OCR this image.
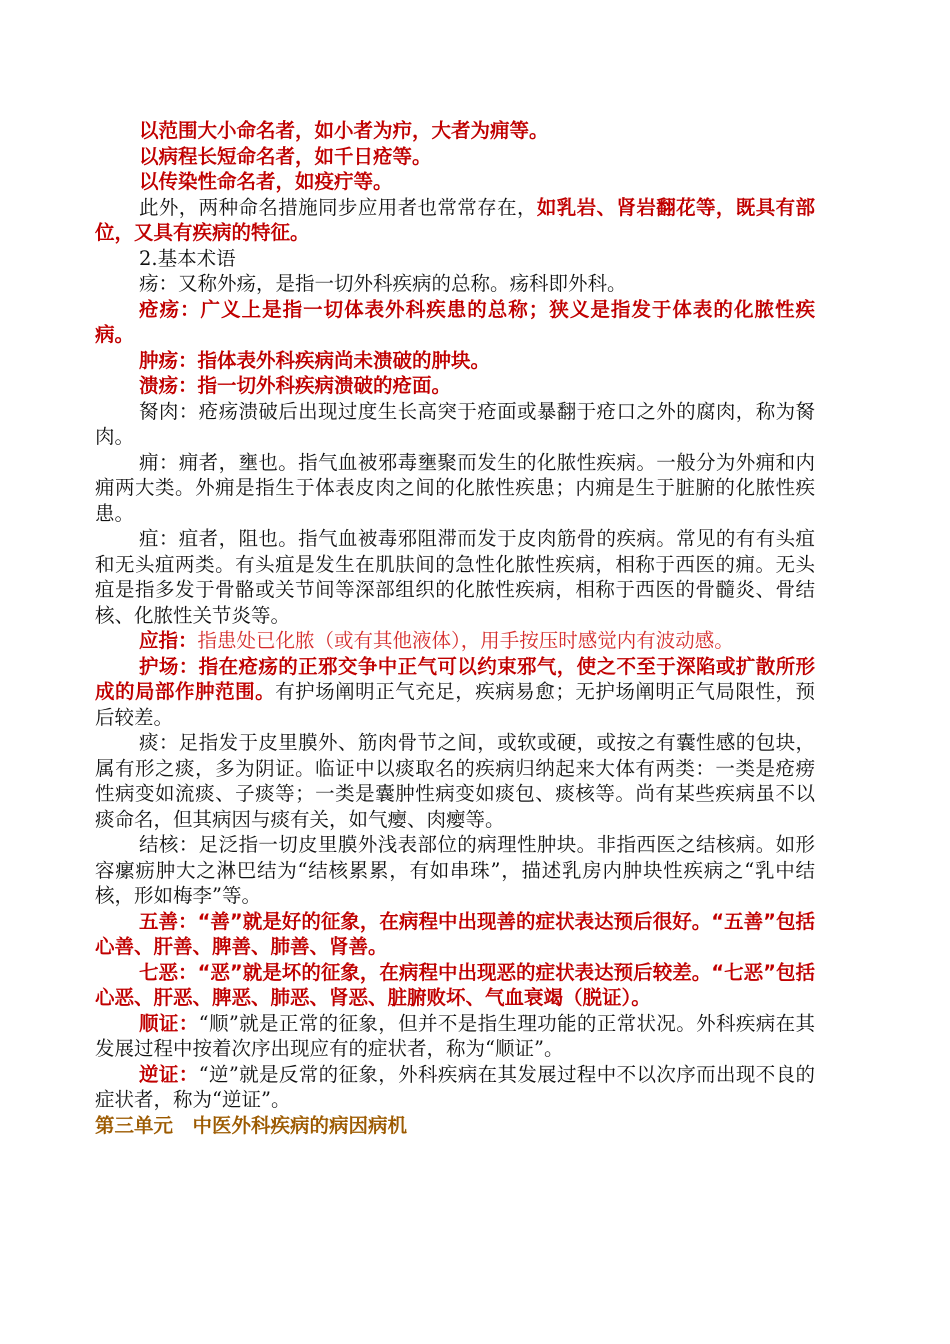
以范围大小命名者，如小者为疖，大者为痈等。

以病程长短命名者，如千日疮等。

以传染性命名者，如疫疔等。

此外，两种命名措施同步应用者也常常存在，如乳岩、肾岩翻花等，既具有部位，又具有疾病的特征。

2.基本术语

疡：又称外疡，是指一切外科疾病的总称。疡科即外科。

疮疡：广义上是指一切体表外科疾患的总称；狭义是指发于体表的化脓性疾病。

肿疡：指体表外科疾病尚未溃破的肿块。

溃疡：指一切外科疾病溃破的疮面。

胬肉：疮疡溃破后出现过度生长高突于疮面或暴翻于疮口之外的腐肉，称为胬肉。

痈：痈者，壅也。指气血被邪毒壅聚而发生的化脓性疾病。一般分为外痈和内痈两大类。外痈是指生于体表皮肉之间的化脓性疾患；内痈是生于脏腑的化脓性疾患。

疽：疽者，阻也。指气血被毒邪阻滞而发于皮肉筋骨的疾病。常见的有有头疽和无头疽两类。有头疽是发生在肌肤间的急性化脓性疾病，相称于西医的痈。无头疽是指多发于骨骼或关节间等深部组织的化脓性疾病，相称于西医的骨髓炎、骨结核、化脓性关节炎等。

应指：指患处已化脓（或有其他液体），用手按压时感觉内有波动感。

护场：指在疮疡的正邪交争中正气可以约束邪气，使之不至于深陷或扩散所形成的局部作肿范围。有护场阐明正气充足，疾病易愈；无护场阐明正气局限性，预后较差。

痰：足指发于皮里膜外、筋肉骨节之间，或软或硬，或按之有囊性感的包块，属有形之痰，多为阴证。临证中以痰取名的疾病归纳起来大体有两类：一类是疮痨性病变如流痰、子痰等；一类是囊肿性病变如痰包、痰核等。尚有某些疾病虽不以痰命名，但其病因与痰有关，如气瘿、肉瘿等。

结核：足泛指一切皮里膜外浅表部位的病理性肿块。非指西医之结核病。如形容瘰疬肿大之淋巴结为“结核累累，有如串珠”，描述乳房内肿块性疾病之“乳中结核，形如梅李”等。

五善：“善”就是好的征象，在病程中出现善的症状表达预后很好。“五善”包括心善、肝善、脾善、肺善、肾善。

七恶：“恶”就是坏的征象，在病程中出现恶的症状表达预后较差。“七恶”包括心恶、肝恶、脾恶、肺恶、肾恶、脏腑败坏、气血衰竭（脱证）。

顺证：“顺”就是正常的征象，但并不是指生理功能的正常状况。外科疾病在其发展过程中按着次序出现应有的症状者，称为“顺证”。

逆证：“逆”就是反常的征象，外科疾病在其发展过程中不以次序而出现不良的症状者，称为“逆证”。

第三单元　中医外科疾病的病因病机
